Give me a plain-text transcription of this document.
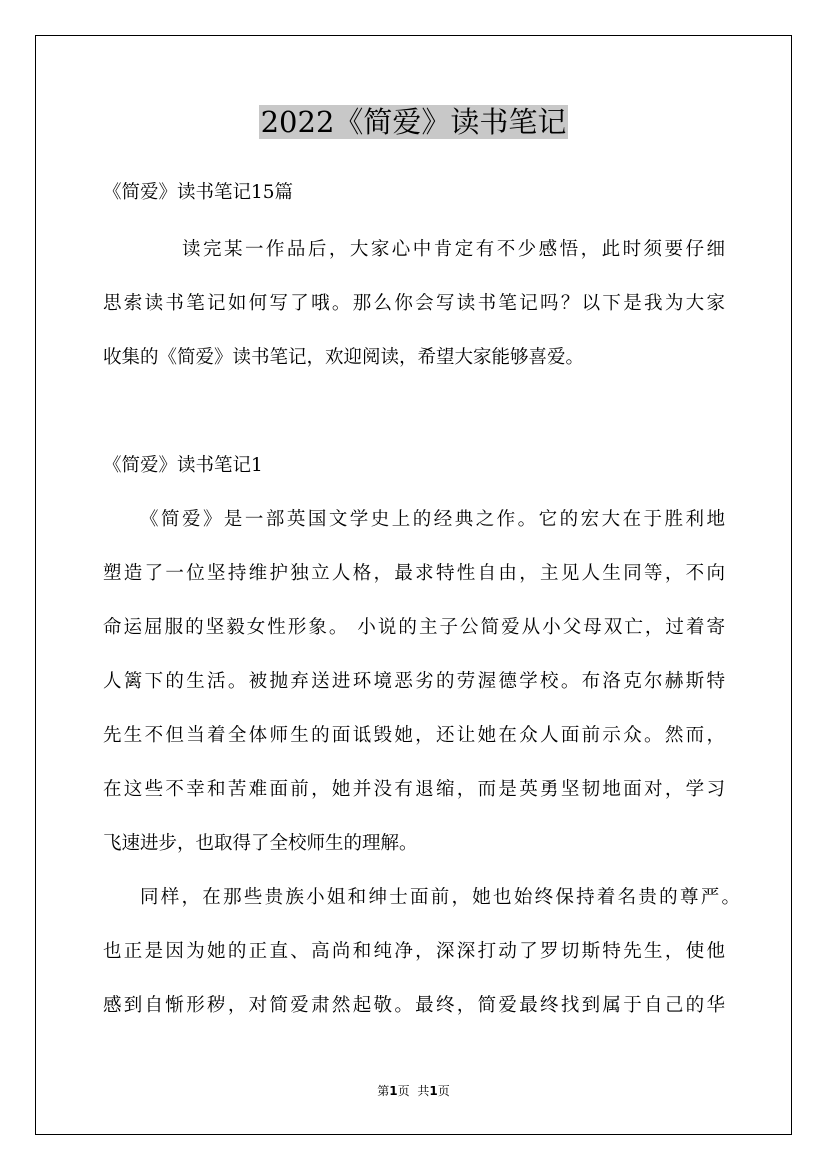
2022《简爱》读书笔记

《简爱》读书笔记15篇

读完某一作品后，大家心中肯定有不少感悟，此时须要仔细

思索读书笔记如何写了哦。那么你会写读书笔记吗？以下是我为大家

收集的《简爱》读书笔记，欢迎阅读，希望大家能够喜爱。

《简爱》读书笔记1

《简爱》是一部英国文学史上的经典之作。它的宏大在于胜利地

塑造了一位坚持维护独立人格，最求特性自由，主见人生同等，不向

命运屈服的坚毅女性形象。 小说的主子公简爱从小父母双亡，过着寄

人篱下的生活。被抛弃送进环境恶劣的劳渥德学校。布洛克尔赫斯特

先生不但当着全体师生的面诋毁她，还让她在众人面前示众。然而，

在这些不幸和苦难面前，她并没有退缩，而是英勇坚韧地面对，学习

飞速进步，也取得了全校师生的理解。

同样，在那些贵族小姐和绅士面前，她也始终保持着名贵的尊严。

也正是因为她的正直、高尚和纯净，深深打动了罗切斯特先生，使他

感到自惭形秽，对简爱肃然起敬。最终，简爱最终找到属于自己的华

第1页 共1页
